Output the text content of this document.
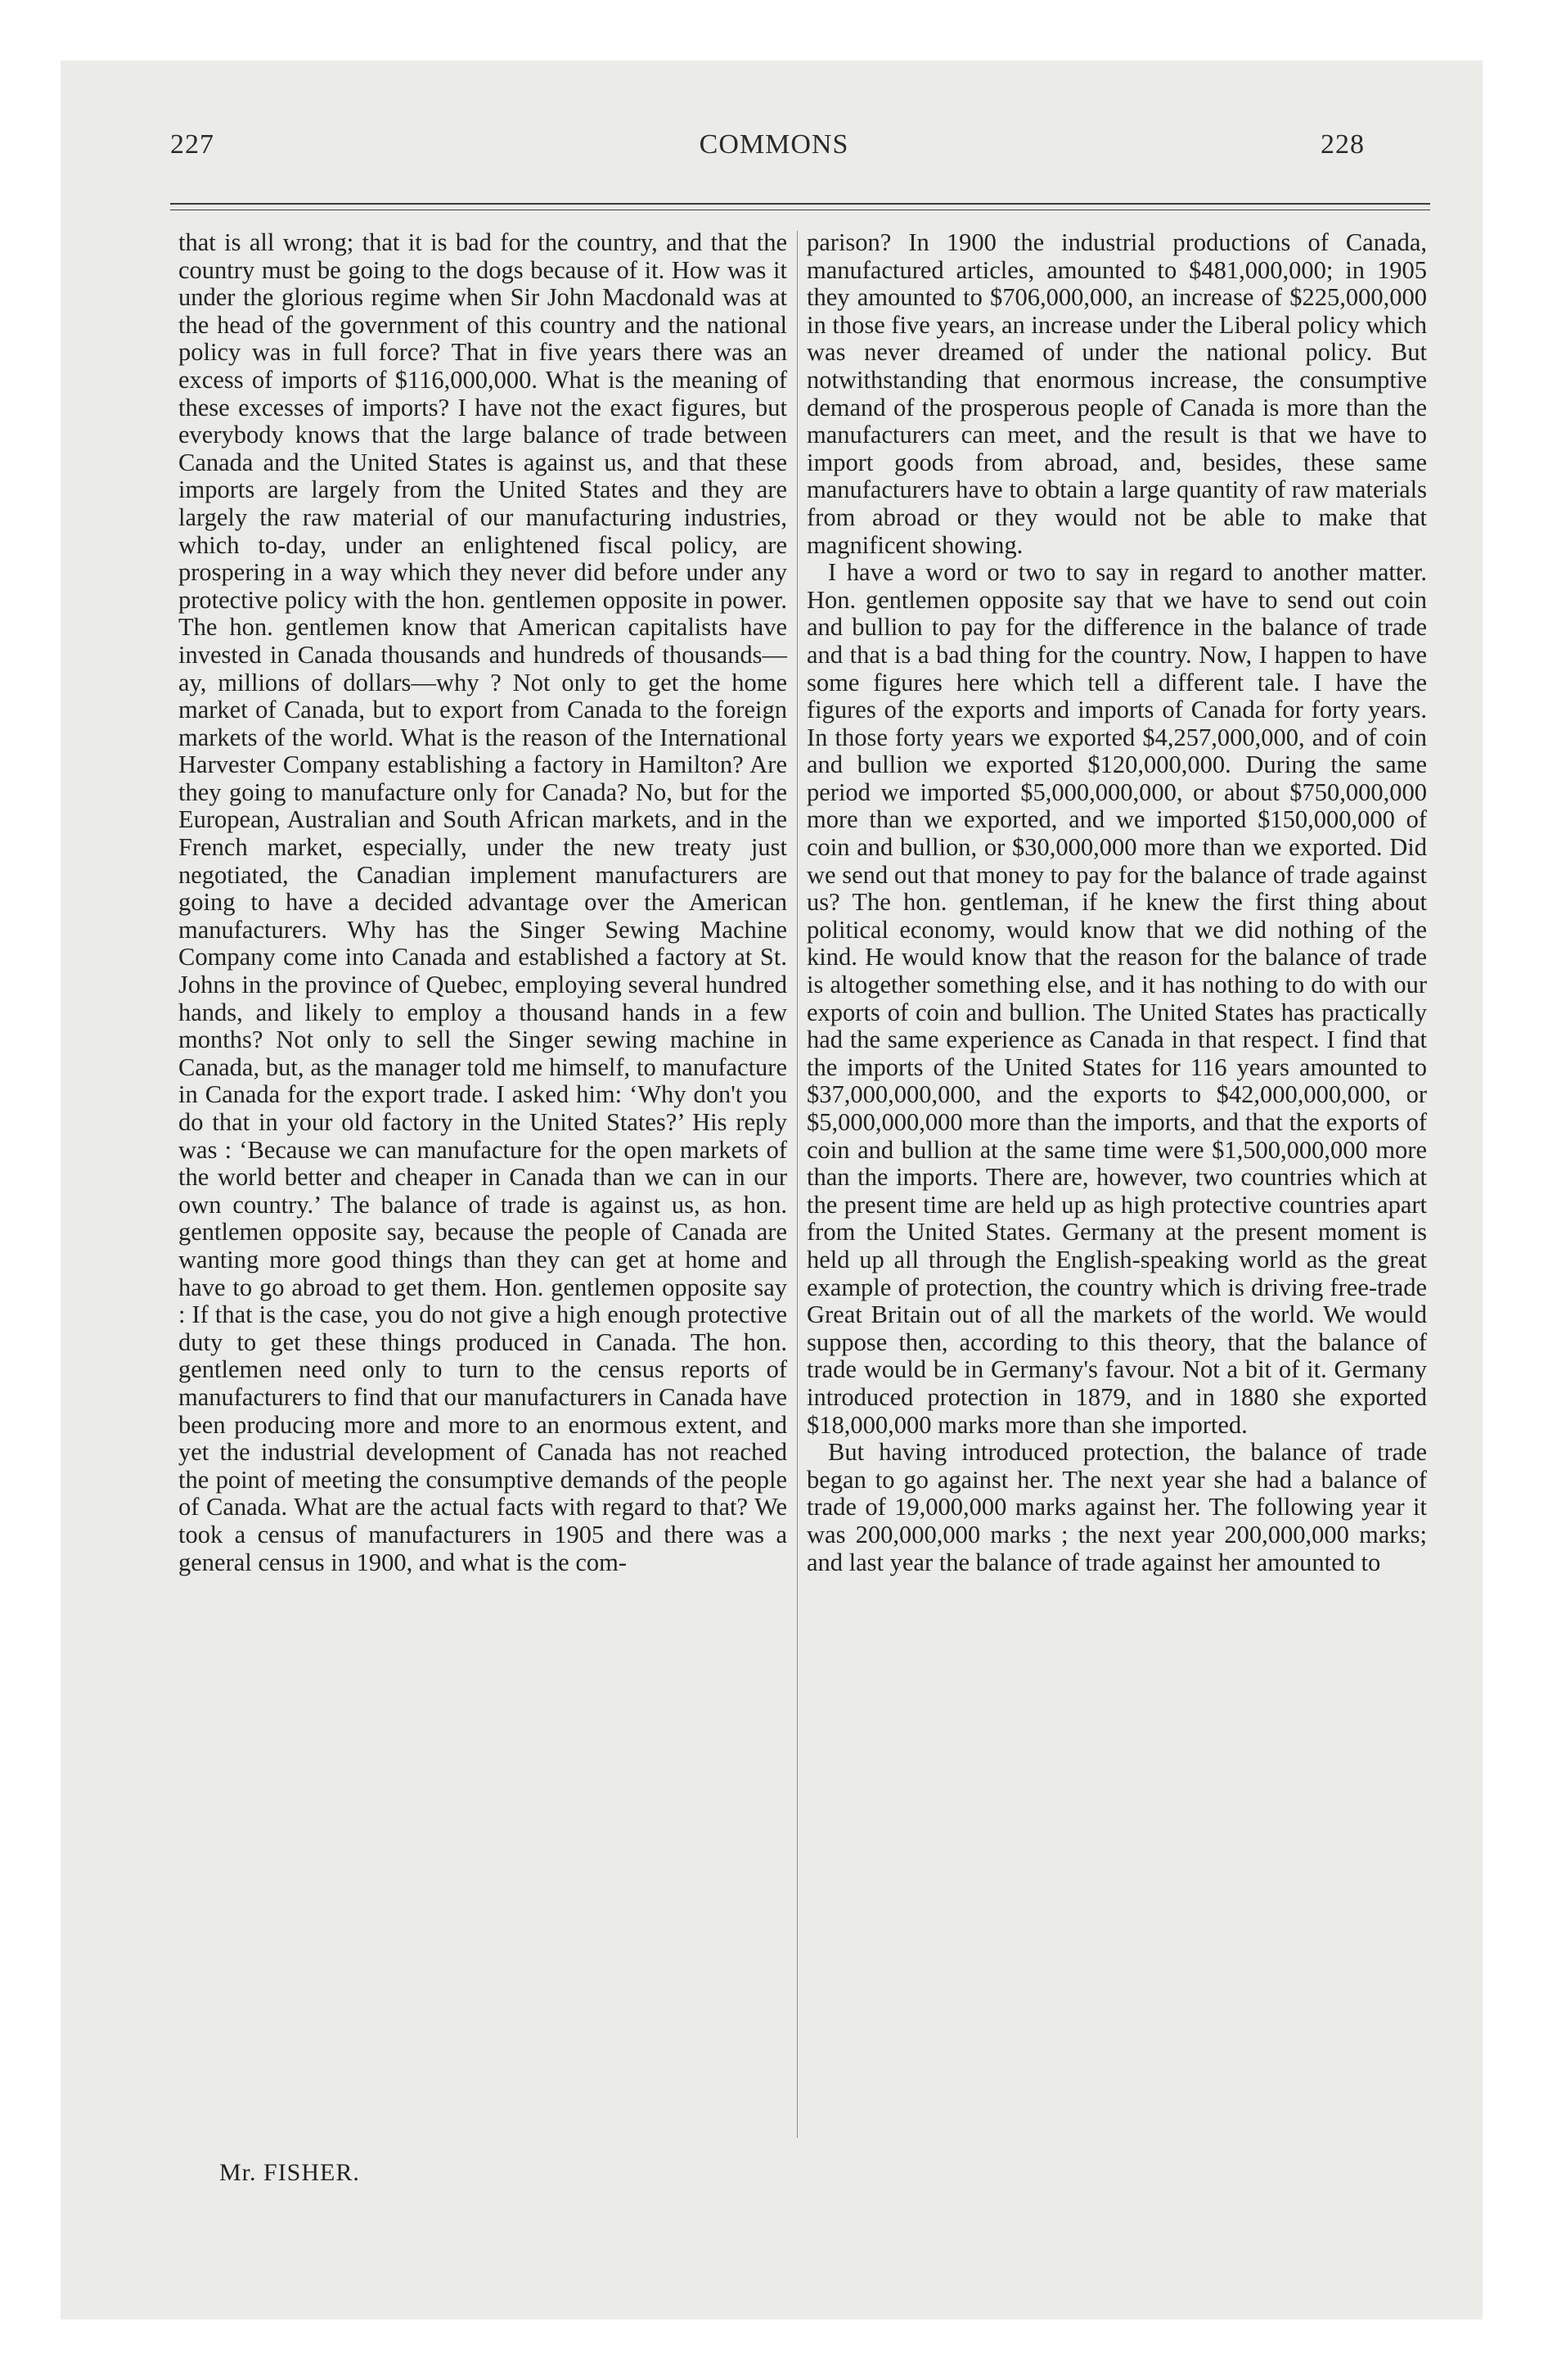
227	COMMONS	228

that is all wrong; that it is bad for the country, and that the country must be going to the dogs because of it. How was it under the glorious regime when Sir John Macdonald was at the head of the government of this country and the national policy was in full force? That in five years there was an excess of imports of $116,000,000. What is the meaning of these excesses of imports? I have not the exact figures, but everybody knows that the large balance of trade between Canada and the United States is against us, and that these imports are largely from the United States and they are largely the raw material of our manufacturing industries, which to-day, under an enlightened fiscal policy, are prospering in a way which they never did before under any protective policy with the hon. gentlemen opposite in power. The hon. gentlemen know that American capitalists have invested in Canada thousands and hundreds of thousands—ay, millions of dollars—why ? Not only to get the home market of Canada, but to export from Canada to the foreign markets of the world. What is the reason of the International Harvester Company establishing a factory in Hamilton? Are they going to manufacture only for Canada? No, but for the European, Australian and South African markets, and in the French market, especially, under the new treaty just negotiated, the Canadian implement manufacturers are going to have a decided advantage over the American manufacturers. Why has the Singer Sewing Machine Company come into Canada and established a factory at St. Johns in the province of Quebec, employing several hundred hands, and likely to employ a thousand hands in a few months? Not only to sell the Singer sewing machine in Canada, but, as the manager told me himself, to manufacture in Canada for the export trade. I asked him: ‘Why don't you do that in your old factory in the United States?’ His reply was : ‘Because we can manufacture for the open markets of the world better and cheaper in Canada than we can in our own country.’ The balance of trade is against us, as hon. gentlemen opposite say, because the people of Canada are wanting more good things than they can get at home and have to go abroad to get them. Hon. gentlemen opposite say : If that is the case, you do not give a high enough protective duty to get these things produced in Canada. The hon. gentlemen need only to turn to the census reports of manufacturers to find that our manufacturers in Canada have been producing more and more to an enormous extent, and yet the industrial development of Canada has not reached the point of meeting the consumptive demands of the people of Canada. What are the actual facts with regard to that? We took a census of manufacturers in 1905 and there was a general census in 1900, and what is the com-

parison? In 1900 the industrial productions of Canada, manufactured articles, amounted to $481,000,000; in 1905 they amounted to $706,000,000, an increase of $225,000,000 in those five years, an increase under the Liberal policy which was never dreamed of under the national policy. But notwithstanding that enormous increase, the consumptive demand of the prosperous people of Canada is more than the manufacturers can meet, and the result is that we have to import goods from abroad, and, besides, these same manufacturers have to obtain a large quantity of raw materials from abroad or they would not be able to make that magnificent showing.

I have a word or two to say in regard to another matter. Hon. gentlemen opposite say that we have to send out coin and bullion to pay for the difference in the balance of trade and that is a bad thing for the country. Now, I happen to have some figures here which tell a different tale. I have the figures of the exports and imports of Canada for forty years. In those forty years we exported $4,257,000,000, and of coin and bullion we exported $120,000,000. During the same period we imported $5,000,000,000, or about $750,000,000 more than we exported, and we imported $150,000,000 of coin and bullion, or $30,000,000 more than we exported. Did we send out that money to pay for the balance of trade against us? The hon. gentleman, if he knew the first thing about political economy, would know that we did nothing of the kind. He would know that the reason for the balance of trade is altogether something else, and it has nothing to do with our exports of coin and bullion. The United States has practically had the same experience as Canada in that respect. I find that the imports of the United States for 116 years amounted to $37,000,000,000, and the exports to $42,000,000,000, or $5,000,000,000 more than the imports, and that the exports of coin and bullion at the same time were $1,500,000,000 more than the imports. There are, however, two countries which at the present time are held up as high protective countries apart from the United States. Germany at the present moment is held up all through the English-speaking world as the great example of protection, the country which is driving free-trade Great Britain out of all the markets of the world. We would suppose then, according to this theory, that the balance of trade would be in Germany's favour. Not a bit of it. Germany introduced protection in 1879, and in 1880 she exported $18,000,000 marks more than she imported.

But having introduced protection, the balance of trade began to go against her. The next year she had a balance of trade of 19,000,000 marks against her. The following year it was 200,000,000 marks ; the next year 200,000,000 marks; and last year the balance of trade against her amounted to

Mr. FISHER.
